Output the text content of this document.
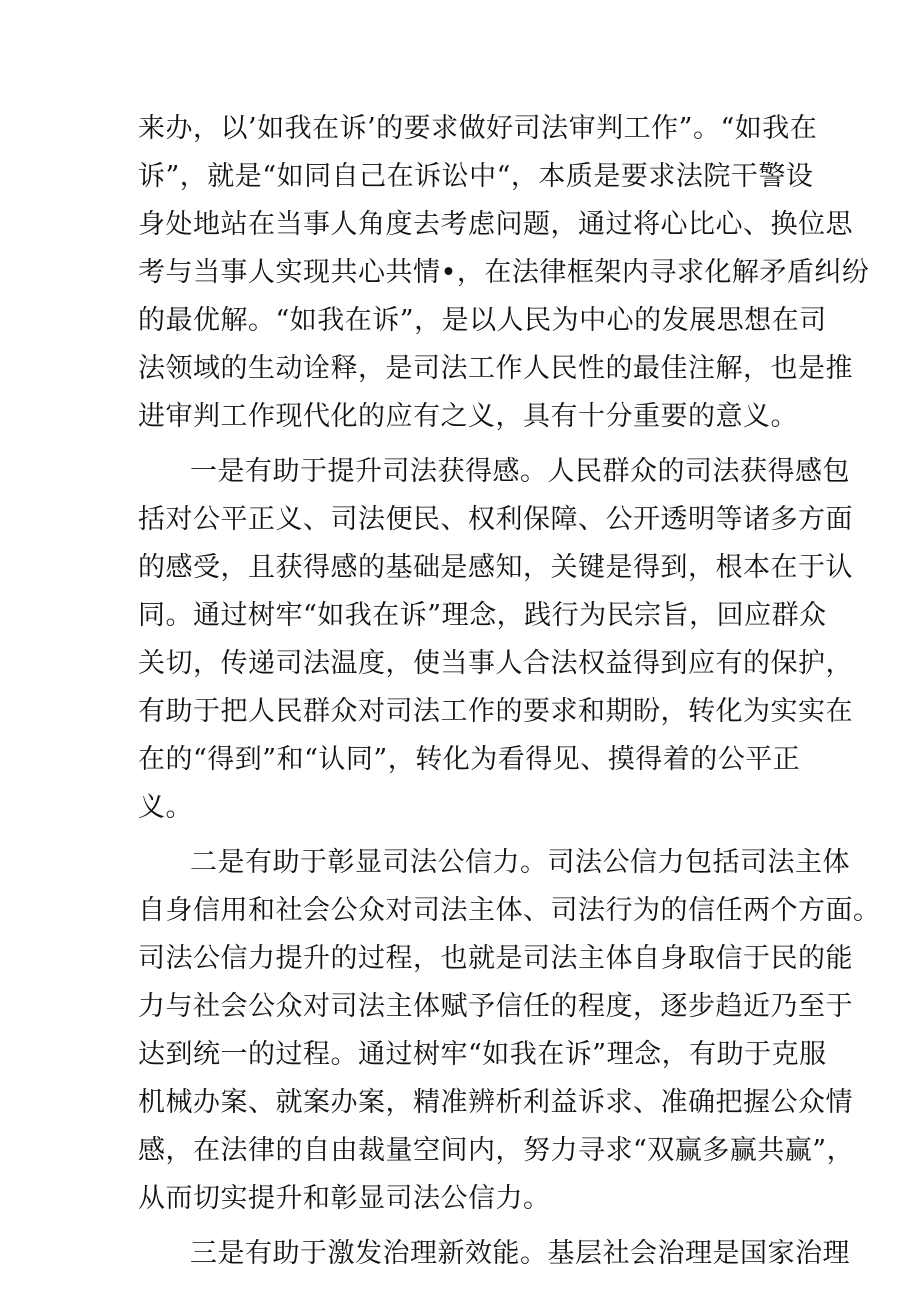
来办，以’如我在诉’的要求做好司法审判工作”。“如我在
诉”，就是“如同自己在诉讼中“，本质是要求法院干警设
身处地站在当事人角度去考虑问题，通过将心比心、换位思
考与当事人实现共心共情•，在法律框架内寻求化解矛盾纠纷
的最优解。“如我在诉”，是以人民为中心的发展思想在司
法领域的生动诠释，是司法工作人民性的最佳注解，也是推
进审判工作现代化的应有之义，具有十分重要的意义。
一是有助于提升司法获得感。人民群众的司法获得感包
括对公平正义、司法便民、权利保障、公开透明等诸多方面
的感受，且获得感的基础是感知，关键是得到，根本在于认
同。通过树牢“如我在诉”理念，践行为民宗旨，回应群众
关切，传递司法温度，使当事人合法权益得到应有的保护，
有助于把人民群众对司法工作的要求和期盼，转化为实实在
在的“得到”和“认同”，转化为看得见、摸得着的公平正
义。
二是有助于彰显司法公信力。司法公信力包括司法主体
自身信用和社会公众对司法主体、司法行为的信任两个方面。
司法公信力提升的过程，也就是司法主体自身取信于民的能
力与社会公众对司法主体赋予信任的程度，逐步趋近乃至于
达到统一的过程。通过树牢“如我在诉”理念，有助于克服
机械办案、就案办案，精准辨析利益诉求、准确把握公众情
感，在法律的自由裁量空间内，努力寻求“双赢多赢共赢”，
从而切实提升和彰显司法公信力。
三是有助于激发治理新效能。基层社会治理是国家治理
